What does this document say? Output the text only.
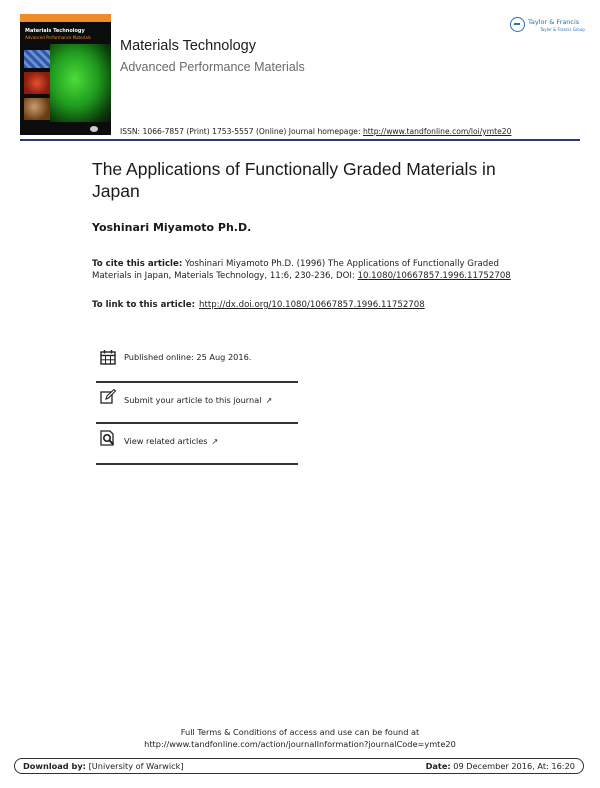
Materials Technology
Advanced Performance Materials
Materials Technology
Advanced Performance Materials
ISSN: 1066-7857 (Print) 1753-5557 (Online) Journal homepage: http://www.tandfonline.com/loi/ymte20
Taylor & Francis
Taylor & Francis Group
The Applications of Functionally Graded Materials in Japan
Yoshinari Miyamoto Ph.D.
To cite this article: Yoshinari Miyamoto Ph.D. (1996) The Applications of Functionally Graded Materials in Japan, Materials Technology, 11:6, 230-236, DOI: 10.1080/10667857.1996.11752708
To link to this article: http://dx.doi.org/10.1080/10667857.1996.11752708
Published online: 25 Aug 2016.
Submit your article to this journal ↗
View related articles ↗
Full Terms & Conditions of access and use can be found at
http://www.tandfonline.com/action/journalInformation?journalCode=ymte20
Download by: [University of Warwick]	Date: 09 December 2016, At: 16:20
